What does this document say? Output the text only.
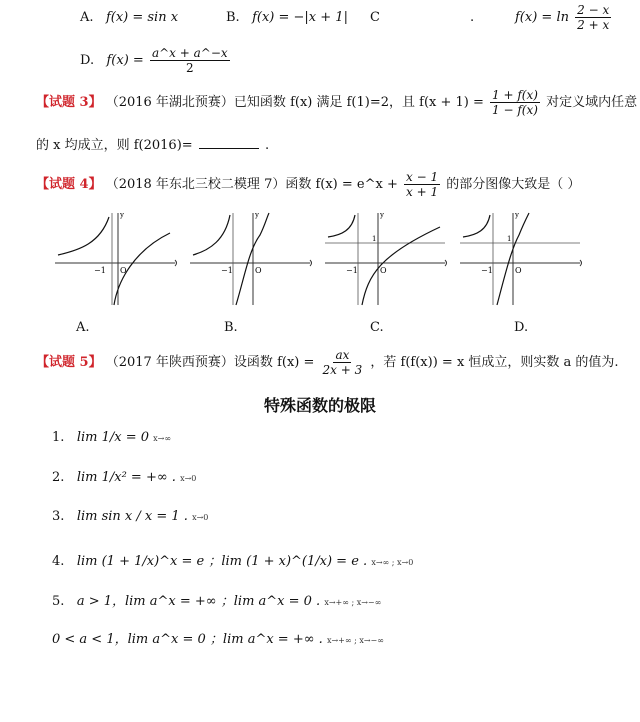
A. f(x) = sin x	B. f(x) = −|x + 1| C	.	$f(x) = \ln \frac{2 - x}{2 + x}$
D. $f(x) = \frac{a\^{}x + a\^{}-x}{2}$
【试题 3】 （2016 年湖北预赛）已知函数 f(x) 满足 f(1)=2，且 $f(x + 1) = \frac{1 + f(x)}{1 - f(x)}$ 对定义域内任意
的 x 均成立，则 f(2016)=	.
【试题 4】 （2018 年东北三校二模理 7）函数 f(x) = e^x + $\frac{x - 1}{x + 1}$ 的部分图像大致是（ ）
−1 O
y
−1	O
y
−1	O
1
y
−1	O
1
y
A.	B.	C.	D.
【试题 5】 （2017 年陕西预赛）设函数 $f(x) = \frac{ax}{2x + 3}$ ，若 f(f(x)) = x 恒成立，则实数 a 的值为.
特殊函数的极限
1. lim 1/x = 0 x→∞
2. lim 1/x² = +∞ . x→0
3. lim sin x / x = 1 . x→0
4. lim (1 + 1/x)^x = e ；lim (1 + x)^(1/x) = e . x→∞ ; x→0
5. a > 1，lim a^x = +∞ ；lim a^x = 0 . x→+∞ ; x→−∞
0 < a < 1，lim a^x = 0 ；lim a^x = +∞ . x→+∞ ; x→−∞
